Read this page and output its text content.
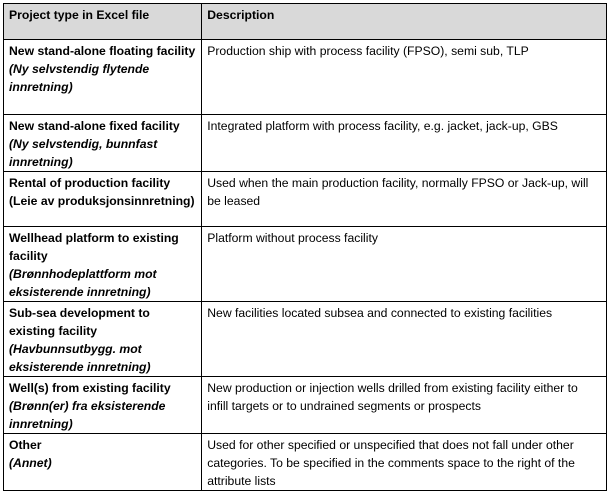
Project type in Excel file	Description

New stand-alone floating facility
(Ny selvstendig flytende innretning)	Production ship with process facility (FPSO), semi sub, TLP

New stand-alone fixed facility
(Ny selvstendig, bunnfast innretning)	Integrated platform with process facility, e.g. jacket, jack-up, GBS

Rental of production facility
(Leie av produksjonsinnretning)	Used when the main production facility, normally FPSO or Jack-up, will be leased

Wellhead platform to existing facility
(Brønnhodeplattform mot eksisterende innretning)	Platform without process facility

Sub-sea development to existing facility
(Havbunnsutbygg. mot eksisterende innretning)	New facilities located subsea and connected to existing facilities

Well(s) from existing facility
(Brønn(er) fra eksisterende innretning)	New production or injection wells drilled from existing facility either to infill targets or to undrained segments or prospects

Other
(Annet)	Used for other specified or unspecified that does not fall under other categories. To be specified in the comments space to the right of the attribute lists
